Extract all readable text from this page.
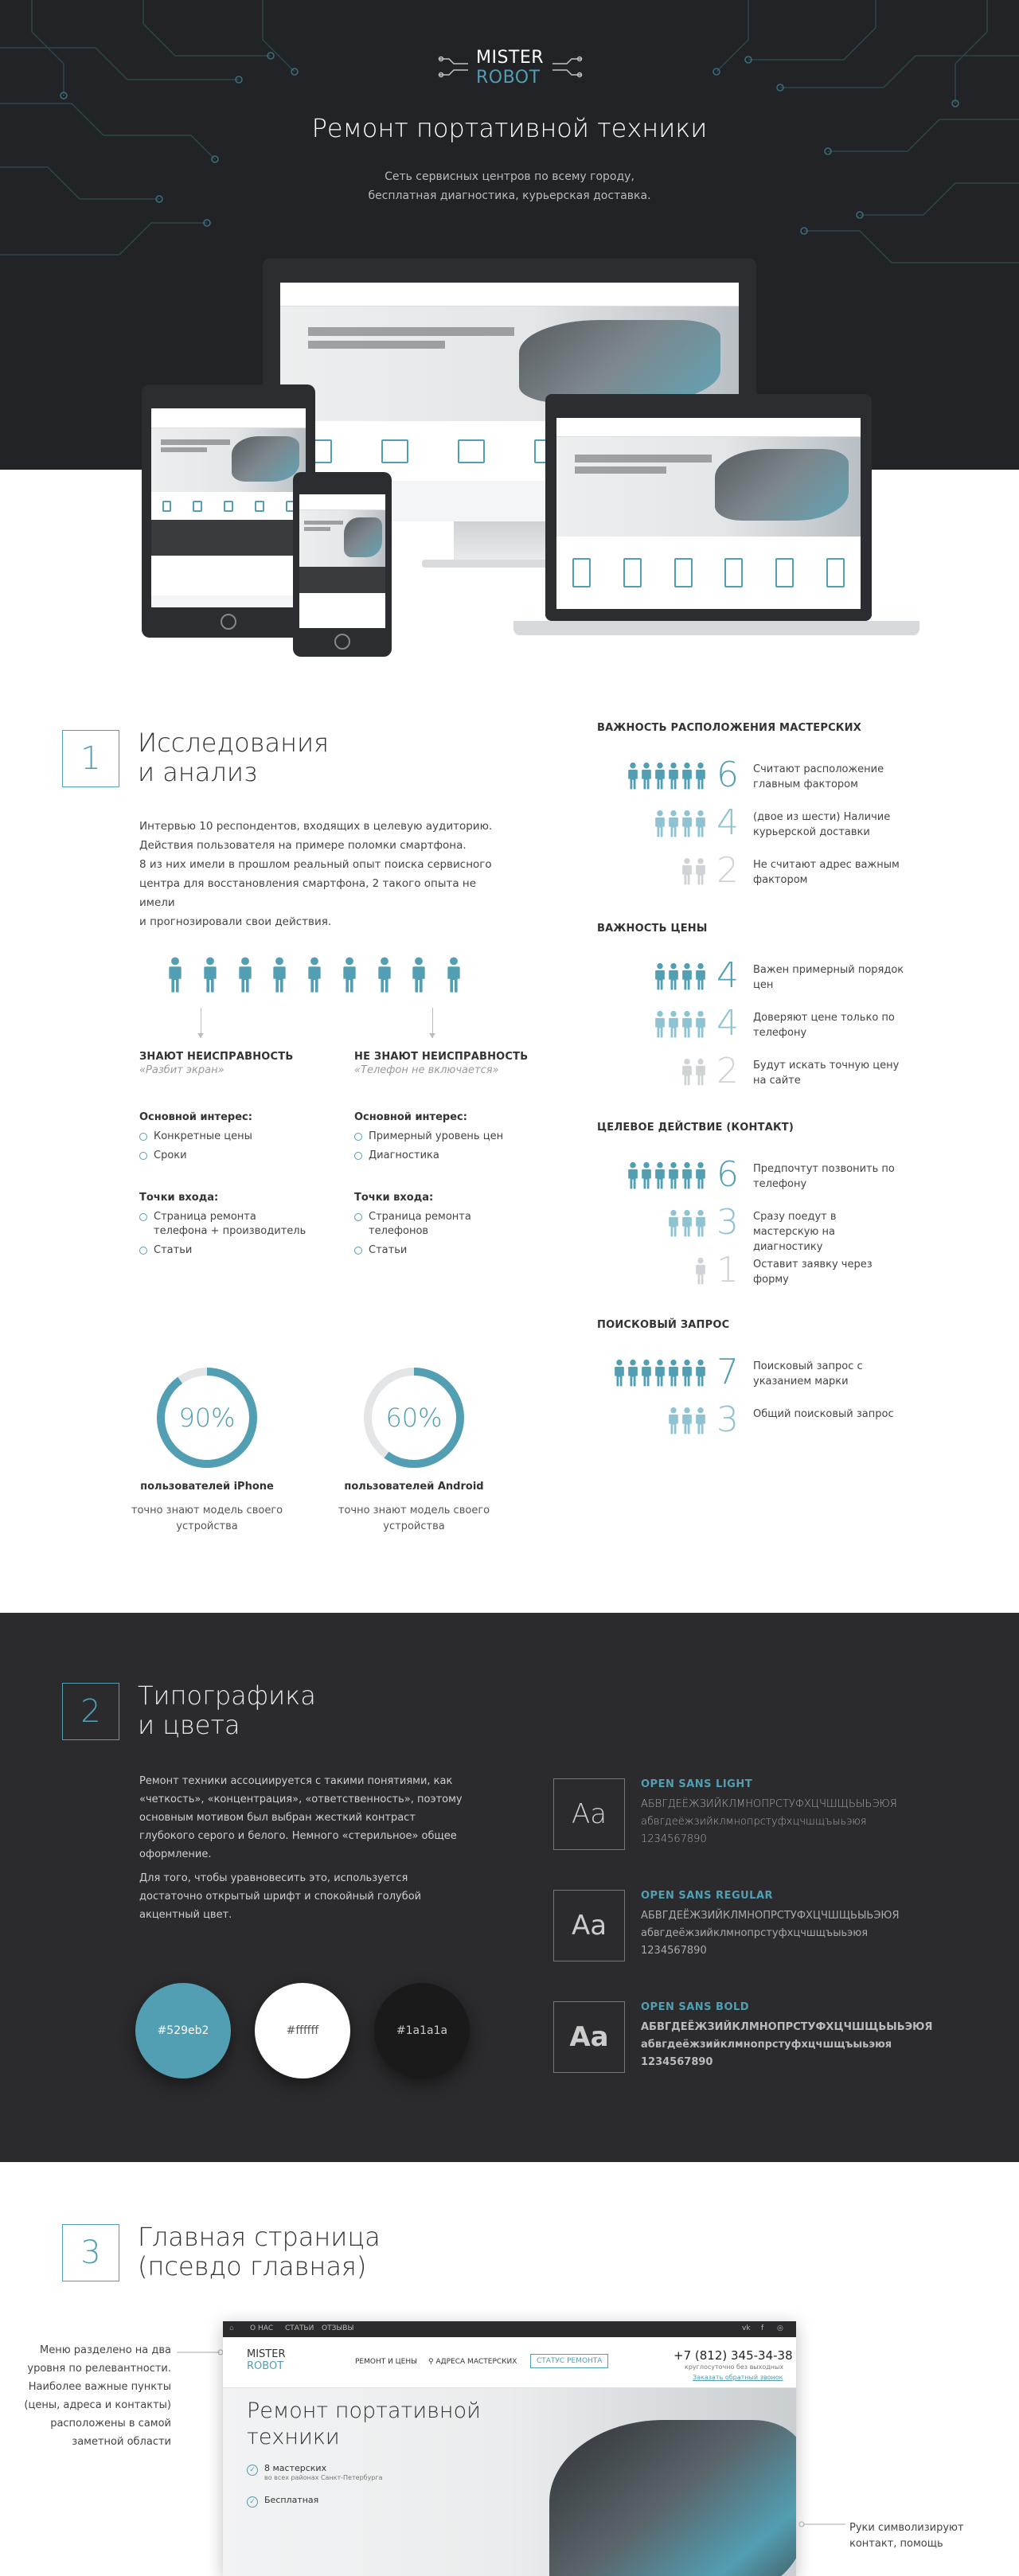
MISTER
ROBOT
Ремонт портативной техники
Сеть сервисных центров по всему городу, бесплатная диагностика, курьерская доставка.
1	Исследования
и анализ
Интервью 10 респондентов, входящих в целевую аудиторию.
Действия пользователя на примере поломки смартфона.
8 из них имели в прошлом реальный опыт поиска сервисного
центра для восстановления смартфона, 2 такого опыта не имели
и прогнозировали свои действия.
ЗНАЮТ НЕИСПРАВНОСТЬ
«Разбит экран»
Основной интерес:
Конкретные цены
Сроки
Точки входа:
Страница ремонта телефона + производитель
Статьи
НЕ ЗНАЮТ НЕИСПРАВНОСТЬ
«Телефон не включается»
Основной интерес:
Примерный уровень цен
Диагностика
Точки входа:
Страница ремонта телефонов
Статьи
90%
пользователей iPhone
точно знают модель своего устройства
60%
пользователей Android
точно знают модель своего устройства
ВАЖНОСТЬ РАСПОЛОЖЕНИЯ МАСТЕРСКИХ
6 Считают расположение главным фактором
4 (двое из шести) Наличие курьерской доставки
2 Не считают адрес важным фактором
ВАЖНОСТЬ ЦЕНЫ
4 Важен примерный порядок цен
4 Доверяют цене только по телефону
2 Будут искать точную цену на сайте
ЦЕЛЕВОЕ ДЕЙСТВИЕ (КОНТАКТ)
6 Предпочтут позвонить по телефону
3 Сразу поедут в мастерскую на диагностику
1 Оставит заявку через форму
ПОИСКОВЫЙ ЗАПРОС
7 Поисковый запрос с указанием марки
3 Общий поисковый запрос
2	Типографика
и цвета
Ремонт техники ассоциируется с такими понятиями, как «четкость», «концентрация», «ответственность», поэтому основным мотивом был выбран жесткий контраст глубокого серого и белого. Немного «стерильное» общее оформление.
Для того, чтобы уравновесить это, используется достаточно открытый шрифт и спокойный голубой акцентный цвет.
#529eb2	#ffffff	#1a1a1a
Aa
OPEN SANS LIGHT
АБВГДЕЁЖЗИЙКЛМНОПРСТУФХЦЧШЩЬЫЬЭЮЯ
абвгдеёжзийклмнопрстуфхцчшщъыьэюя
1234567890
Aa
OPEN SANS REGULAR
АБВГДЕЁЖЗИЙКЛМНОПРСТУФХЦЧШЩЬЫЬЭЮЯ
абвгдеёжзийклмнопрстуфхцчшщъыьэюя
1234567890
Aa
OPEN SANS BOLD
АБВГДЕЁЖЗИЙКЛМНОПРСТУФХЦЧШЩЬЫЬЭЮЯ
абвгдеёжзийклмнопрстуфхцчшщъыьэюя
1234567890
3	Главная страница
(псевдо главная)
Меню разделено на два уровня по релевантности. Наиболее важные пункты (цены, адреса и контакты) расположены в самой заметной области
⌂ О НАС СТАТЬИ ОТЗЫВЫ	vk f ◎
MISTER
ROBOT	РЕМОНТ И ЦЕНЫ ⚲ АДРЕСА МАСТЕРСКИХ	СТАТУС РЕМОНТА	+7 (812) 345-34-38
круглосуточно без выходных
Заказать обратный звонок
Ремонт портативной
техники
✓ 8 мастерских
во всех районах Санкт-Петербурга
✓ Бесплатная
Руки символизируют контакт, помощь
